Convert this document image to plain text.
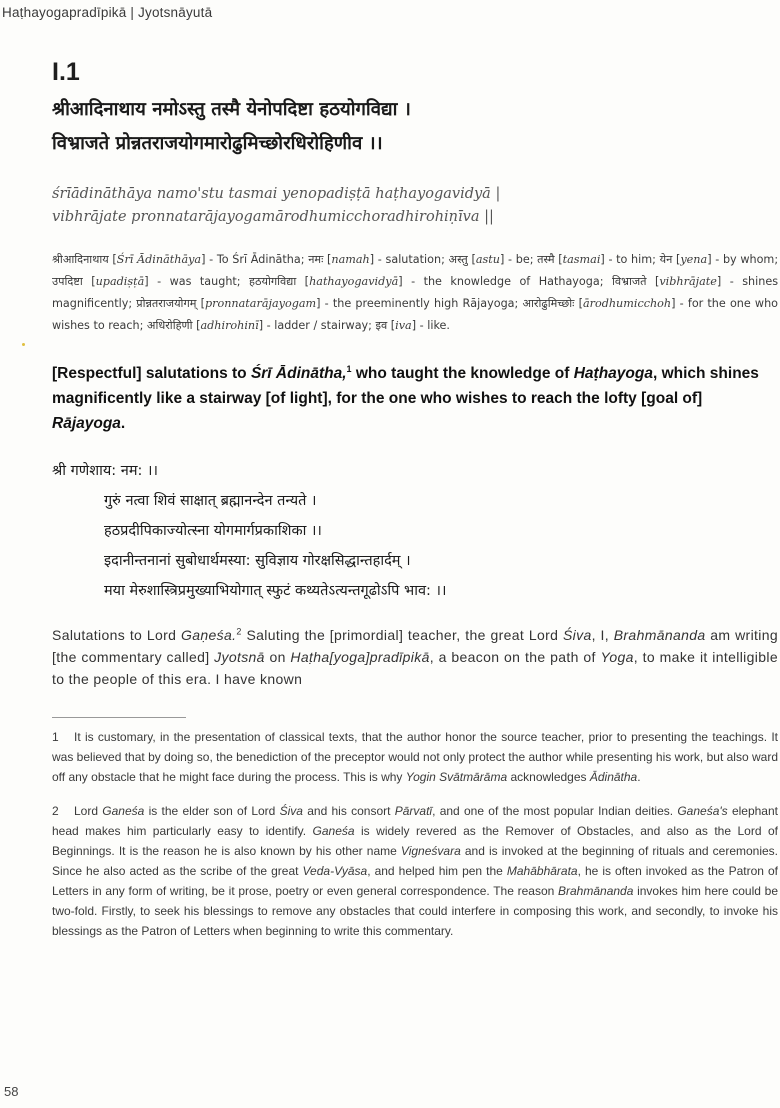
Haṭhayogapradīpikā | Jyotsnāyutā
I.1
श्रीआदिनाथाय नमोऽस्तु तस्मै येनोपदिष्टा हठयोगविद्या ।
विभ्राजते प्रोन्नतराजयोगमारोढुमिच्छोरधिरोहिणीव ।।
śrīādināthāya namo'stu tasmai yenopadiṣṭā haṭhayogavidyā |
vibhrājate pronnatarājayogamārodhumicchoradhirohiṇīva ||
श्रीआदिनाथाय [Śrī Ādināthāya] - To Śrī Ādinātha; नमः [namah] - salutation; अस्तु [astu] - be; तस्मै [tasmai] - to him; येन [yena] - by whom; उपदिष्टा [upadiṣṭā] - was taught; हठयोगविद्या [hathayogavidyā] - the knowledge of Hathayoga; विभ्राजते [vibhrājate] - shines magnificently; प्रोन्नतराजयोगम् [pronnatarājayogam] - the preeminently high Rājayoga; आरोढुमिच्छोः [ārodhumicchoh] - for the one who wishes to reach; अधिरोहिणी [adhirohinī] - ladder / stairway; इव [iva] - like.
[Respectful] salutations to Śrī Ādinātha,$^1$ who taught the knowledge of Haṭhayoga, which shines magnificently like a stairway [of light], for the one who wishes to reach the lofty [goal of] Rājayoga.
श्री गणेशाय: नम: ।।
गुरुं नत्वा शिवं साक्षात् ब्रह्मानन्देन तन्यते ।
हठप्रदीपिकाज्योत्स्ना योगमार्गप्रकाशिका ।।
इदानीन्तनानां सुबोधार्थमस्या: सुविज्ञाय गोरक्षसिद्धान्तहार्दम् ।
मया मेरुशास्त्रिप्रमुख्याभियोगात् स्फुटं कथ्यतेऽत्यन्तगूढोऽपि भाव: ।।
Salutations to Lord Gaṇeśa.$^2$ Saluting the [primordial] teacher, the great Lord Śiva, I, Brahmānanda am writing [the commentary called] Jyotsnā on Haṭha[yoga]pradīpikā, a beacon on the path of Yoga, to make it intelligible to the people of this era. I have known
1 It is customary, in the presentation of classical texts, that the author honor the source teacher, prior to presenting the teachings. It was believed that by doing so, the benediction of the preceptor would not only protect the author while presenting his work, but also ward off any obstacle that he might face during the process. This is why Yogin Svātmārāma acknowledges Ādinātha.
2 Lord Ganeśa is the elder son of Lord Śiva and his consort Pārvatī, and one of the most popular Indian deities. Ganeśa's elephant head makes him particularly easy to identify. Ganeśa is widely revered as the Remover of Obstacles, and also as the Lord of Beginnings. It is the reason he is also known by his other name Vigneśvara and is invoked at the beginning of rituals and ceremonies. Since he also acted as the scribe of the great Veda-Vyāsa, and helped him pen the Mahābhārata, he is often invoked as the Patron of Letters in any form of writing, be it prose, poetry or even general correspondence. The reason Brahmānanda invokes him here could be two-fold. Firstly, to seek his blessings to remove any obstacles that could interfere in composing this work, and secondly, to invoke his blessings as the Patron of Letters when beginning to write this commentary.
58
